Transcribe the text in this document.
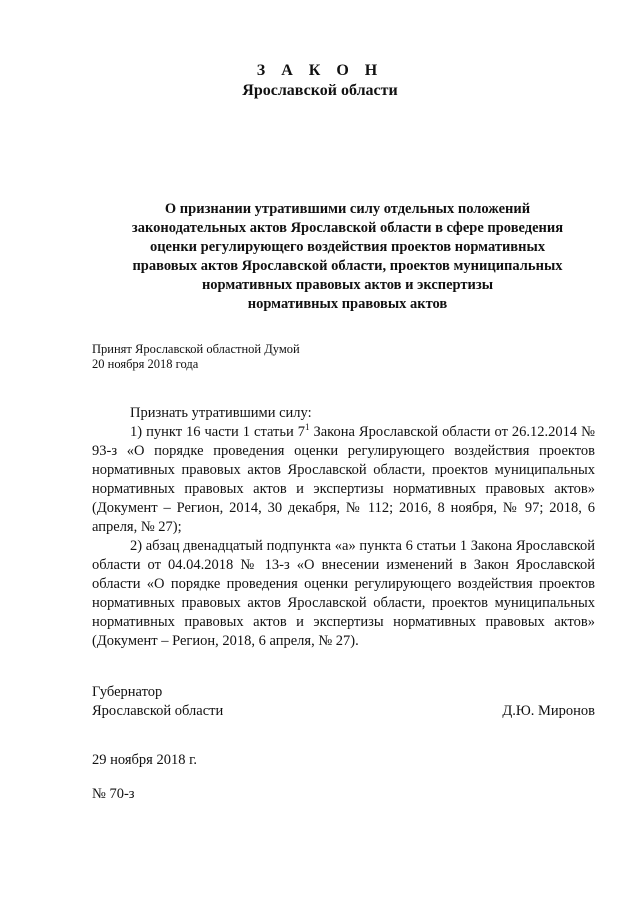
З А К О Н
Ярославской области
О признании утратившими силу отдельных положений
законодательных актов Ярославской области в сфере проведения
оценки регулирующего воздействия проектов нормативных
правовых актов Ярославской области, проектов муниципальных
нормативных правовых актов и экспертизы
нормативных правовых актов
Принят Ярославской областной Думой
20 ноября 2018 года

Признать утратившими силу:

1) пункт 16 части 1 статьи $7^1$ Закона Ярославской области от 26.12.2014 № 93-з «О порядке проведения оценки регулирующего воздействия проектов нормативных правовых актов Ярославской области, проектов муниципальных нормативных правовых актов и экспертизы нормативных правовых актов» (Документ – Регион, 2014, 30 декабря, № 112; 2016, 8 ноября, № 97; 2018, 6 апреля, № 27);

2) абзац двенадцатый подпункта «а» пункта 6 статьи 1 Закона Ярославской области от 04.04.2018 № 13-з «О внесении изменений в Закон Ярославской области «О порядке проведения оценки регулирующего воздействия проектов нормативных правовых актов Ярославской области, проектов муниципальных нормативных правовых актов и экспертизы нормативных правовых актов» (Документ – Регион, 2018, 6 апреля, № 27).

Губернатор
Ярославской области	Д.Ю. Миронов
29 ноября 2018 г.
№ 70-з
